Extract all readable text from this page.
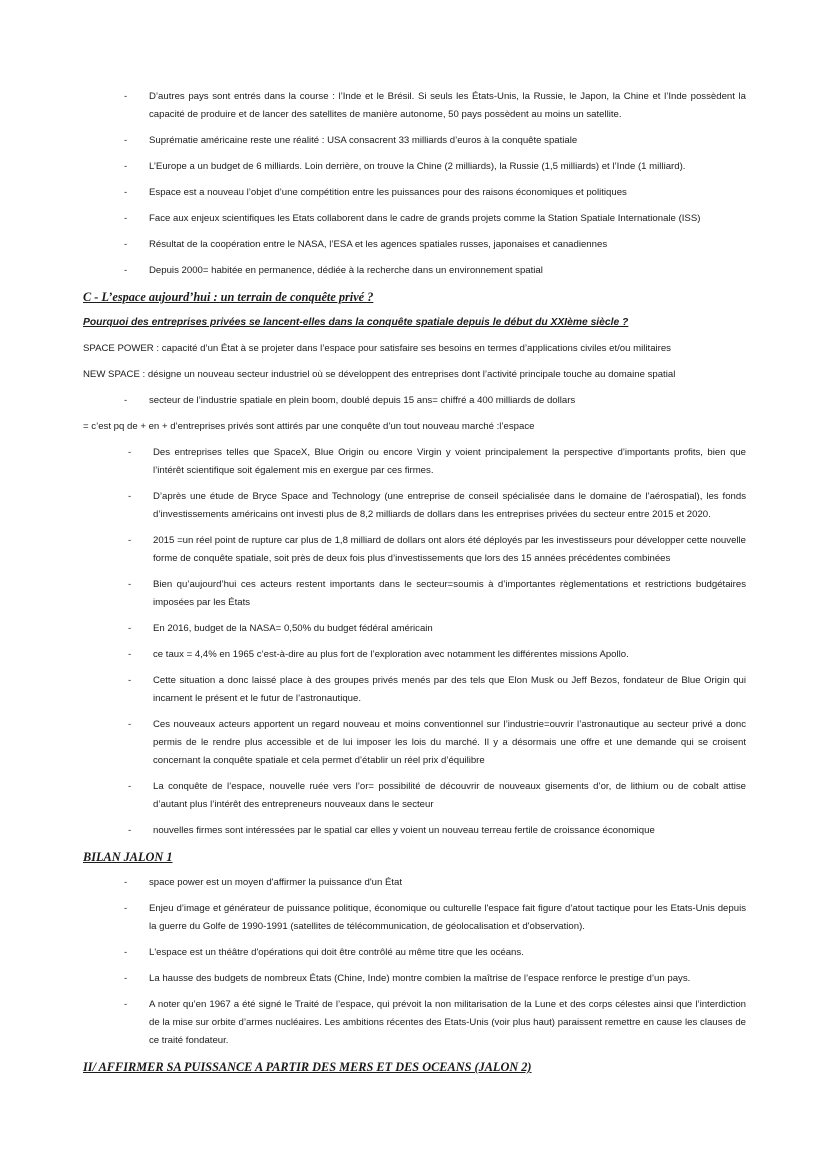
- D’autres pays sont entrés dans la course : l’Inde et le Brésil. Si seuls les États-Unis, la Russie, le Japon, la Chine et l’Inde possèdent la capacité de produire et de lancer des satellites de manière autonome, 50 pays possèdent au moins un satellite.
- Suprématie américaine reste une réalité : USA consacrent 33 milliards d’euros à la conquête spatiale
- L’Europe a un budget de 6 milliards. Loin derrière, on trouve la Chine (2 milliards), la Russie (1,5 milliards) et l’Inde (1 milliard).
- Espace est a nouveau l’objet d’une compétition entre les puissances pour des raisons économiques et politiques
- Face aux enjeux scientifiques les Etats collaborent dans le cadre de grands projets comme la Station Spatiale Internationale (ISS)
- Résultat de la coopération entre le NASA, l’ESA et les agences spatiales russes, japonaises et canadiennes
- Depuis 2000= habitée en permanence, dédiée à la recherche dans un environnement spatial
C - L’espace aujourd’hui : un terrain de conquête privé ?
Pourquoi des entreprises privées se lancent-elles dans la conquête spatiale depuis le début du XXIème siècle ?
SPACE POWER : capacité d’un État à se projeter dans l’espace pour satisfaire ses besoins en termes d’applications civiles et/ou militaires
NEW SPACE : désigne un nouveau secteur industriel où se développent des entreprises dont l’activité principale touche au domaine spatial
- secteur de l’industrie spatiale en plein boom, doublé depuis 15 ans= chiffré a 400 milliards de dollars
= c’est pq de + en + d’entreprises privés sont attirés par une conquête d’un tout nouveau marché :l’espace
- Des entreprises telles que SpaceX, Blue Origin ou encore Virgin y voient principalement la perspective d’importants profits, bien que l’intérêt scientifique soit également mis en exergue par ces firmes.
- D’après une étude de Bryce Space and Technology (une entreprise de conseil spécialisée dans le domaine de l’aérospatial), les fonds d’investissements américains ont investi plus de 8,2 milliards de dollars dans les entreprises privées du secteur entre 2015 et 2020.
- 2015 =un réel point de rupture car plus de 1,8 milliard de dollars ont alors été déployés par les investisseurs pour développer cette nouvelle forme de conquête spatiale, soit près de deux fois plus d’investissements que lors des 15 années précédentes combinées
- Bien qu’aujourd’hui ces acteurs restent importants dans le secteur=soumis à d’importantes règlementations et restrictions budgétaires imposées par les États
- En 2016, budget de la NASA= 0,50% du budget fédéral américain
- ce taux = 4,4% en 1965 c’est-à-dire au plus fort de l’exploration avec notamment les différentes missions Apollo.
- Cette situation a donc laissé place à des groupes privés menés par des tels que Elon Musk ou Jeff Bezos, fondateur de Blue Origin qui incarnent le présent et le futur de l’astronautique.
- Ces nouveaux acteurs apportent un regard nouveau et moins conventionnel sur l’industrie=ouvrir l’astronautique au secteur privé a donc permis de le rendre plus accessible et de lui imposer les lois du marché. Il y a désormais une offre et une demande qui se croisent concernant la conquête spatiale et cela permet d’établir un réel prix d’équilibre
- La conquête de l’espace, nouvelle ruée vers l’or= possibilité de découvrir de nouveaux gisements d’or, de lithium ou de cobalt attise d’autant plus l’intérêt des entrepreneurs nouveaux dans le secteur
- nouvelles firmes sont intéressées par le spatial car elles y voient un nouveau terreau fertile de croissance économique
BILAN JALON 1
- space power est un moyen d'affirmer la puissance d'un État
- Enjeu d’image et générateur de puissance politique, économique ou culturelle l'espace fait figure d’atout tactique pour les Etats-Unis depuis la guerre du Golfe de 1990-1991 (satellites de télécommunication, de géolocalisation et d'observation).
- L'espace est un théâtre d'opérations qui doit être contrôlé au même titre que les océans.
- La hausse des budgets de nombreux États (Chine, Inde) montre combien la maîtrise de l’espace renforce le prestige d’un pays.
- A noter qu’en 1967 a été signé le Traité de l’espace, qui prévoit la non militarisation de la Lune et des corps célestes ainsi que l’interdiction de la mise sur orbite d’armes nucléaires. Les ambitions récentes des Etats-Unis (voir plus haut) paraissent remettre en cause les clauses de ce traité fondateur.
II/ AFFIRMER SA PUISSANCE A PARTIR DES MERS ET DES OCEANS (JALON 2)
